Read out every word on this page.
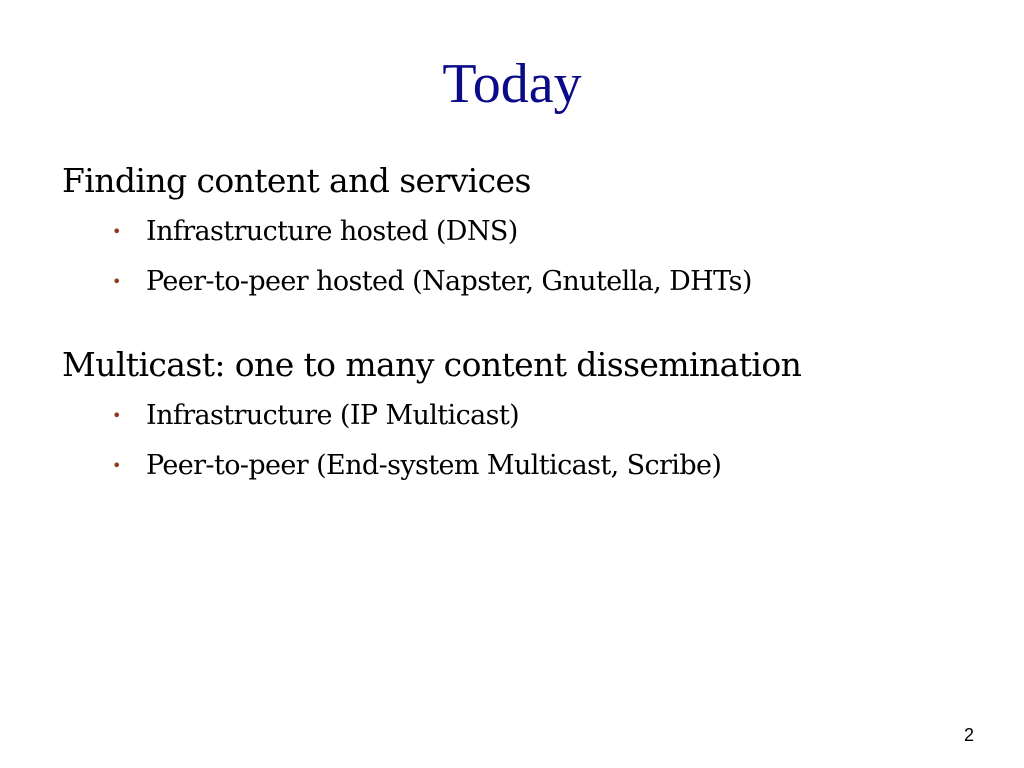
Today
Finding content and services
• Infrastructure hosted (DNS)
• Peer-to-peer hosted (Napster, Gnutella, DHTs)
Multicast: one to many content dissemination
• Infrastructure (IP Multicast)
• Peer-to-peer (End-system Multicast, Scribe)
2
